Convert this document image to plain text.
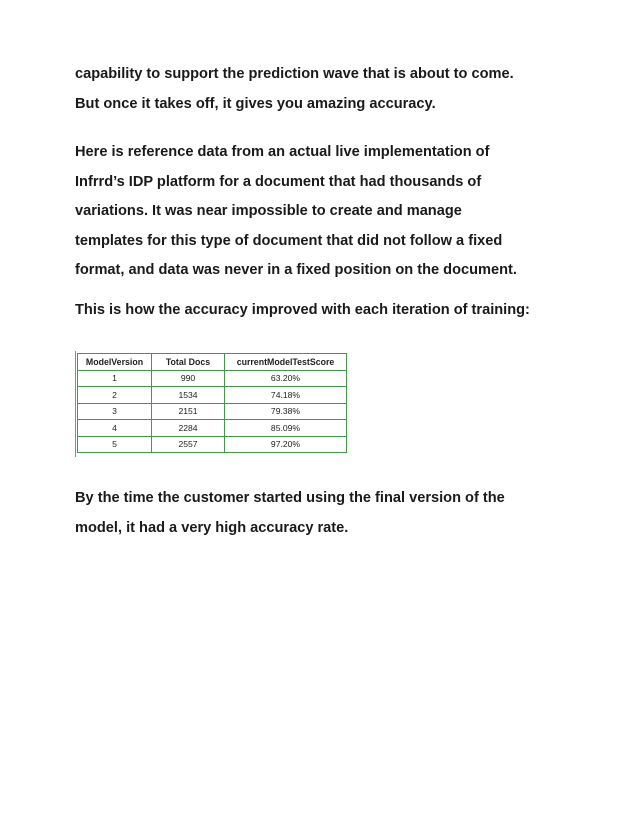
capability to support the prediction wave that is about to come.
But once it takes off, it gives you amazing accuracy.

Here is reference data from an actual live implementation of
Infrrd’s IDP platform for a document that had thousands of
variations. It was near impossible to create and manage
templates for this type of document that did not follow a fixed
format, and data was never in a fixed position on the document.

This is how the accuracy improved with each iteration of training:

ModelVersion	Total Docs	currentModelTestScore
1	990	63.20%
2	1534	74.18%
3	2151	79.38%
4	2284	85.09%
5	2557	97.20%

By the time the customer started using the final version of the
model, it had a very high accuracy rate.
